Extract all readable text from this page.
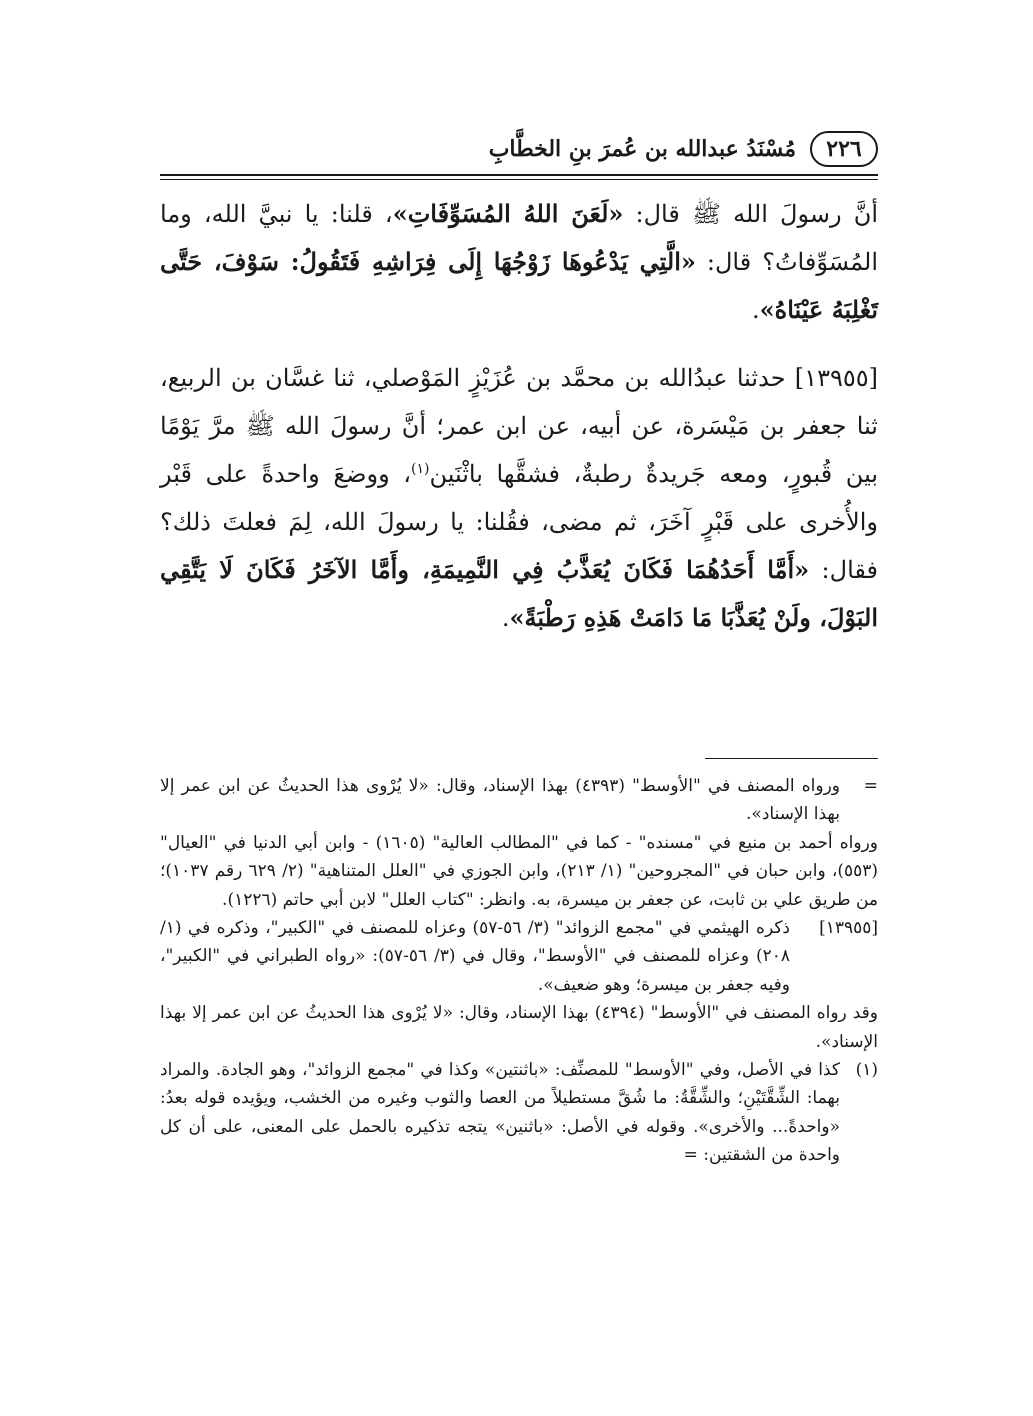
٢٢٦
مُسْنَدُ عبدالله بن عُمرَ بنِ الخطَّابِ

أنَّ رسولَ الله ﷺ قال: «لَعَنَ اللهُ المُسَوِّفَاتِ»، قلنا: يا نبيَّ الله، وما المُسَوِّفاتُ؟ قال: «الَّتِي يَدْعُوهَا زَوْجُهَا إِلَى فِرَاشِهِ فَتَقُولُ: سَوْفَ، حَتَّى تَغْلِبَهُ عَيْنَاهُ».

[١٣٩٥٥] حدثنا عبدُالله بن محمَّد بن عُزَيْزٍ المَوْصلي، ثنا غسَّان بن الربيع، ثنا جعفر بن مَيْسَرة، عن أبيه، عن ابن عمر؛ أنَّ رسولَ الله ﷺ مرَّ يَوْمًا بين قُبورٍ، ومعه جَريدةٌ رطبةٌ، فشقَّها باثْنَين$^{(١)}$، ووضعَ واحدةً على قَبْر والأُخرى على قَبْرٍ آخَرَ، ثم مضى، فقُلنا: يا رسولَ الله، لِمَ فعلتَ ذلك؟ فقال: «أَمَّا أَحَدُهُمَا فَكَانَ يُعَذَّبُ فِي النَّمِيمَةِ، وأَمَّا الآخَرُ فَكَانَ لَا يَتَّقِي البَوْلَ، ولَنْ يُعَذَّبَا مَا دَامَتْ هَذِهِ رَطْبَةً».

=
ورواه المصنف في "الأوسط" (٤٣٩٣) بهذا الإسناد، وقال: «لا يُرْوى هذا الحديثُ عن ابن عمر إلا بهذا الإسناد».
ورواه أحمد بن منيع في "مسنده" - كما في "المطالب العالية" (١٦٠٥) - وابن أبي الدنيا في "العيال" (٥٥٣)، وابن حبان في "المجروحين" (١/ ٢١٣)، وابن الجوزي في "العلل المتناهية" (٢/ ٦٢٩ رقم ١٠٣٧)؛ من طريق علي بن ثابت، عن جعفر بن ميسرة، به. وانظر: "كتاب العلل" لابن أبي حاتم (١٢٢٦).
[١٣٩٥٥]
ذكره الهيثمي في "مجمع الزوائد" (٣/ ٥٦-٥٧) وعزاه للمصنف في "الكبير"، وذكره في (١/ ٢٠٨) وعزاه للمصنف في "الأوسط"، وقال في (٣/ ٥٦-٥٧): «رواه الطبراني في "الكبير"، وفيه جعفر بن ميسرة؛ وهو ضعيف».
وقد رواه المصنف في "الأوسط" (٤٣٩٤) بهذا الإسناد، وقال: «لا يُرْوى هذا الحديثُ عن ابن عمر إلا بهذا الإسناد».
(١)
كذا في الأصل، وفي "الأوسط" للمصنِّف: «باثنتين» وكذا في "مجمع الزوائد"، وهو الجادة. والمراد بهما: الشِّقَّتَيْنِ؛ والشِّقَّةُ: ما شُقَّ مستطيلاً من العصا والثوب وغيره من الخشب، ويؤيده قوله بعدُ: «واحدةً... والأخرى». وقوله في الأصل: «باثنين» يتجه تذكيره بالحمل على المعنى، على أن كل واحدة من الشقتين: =
